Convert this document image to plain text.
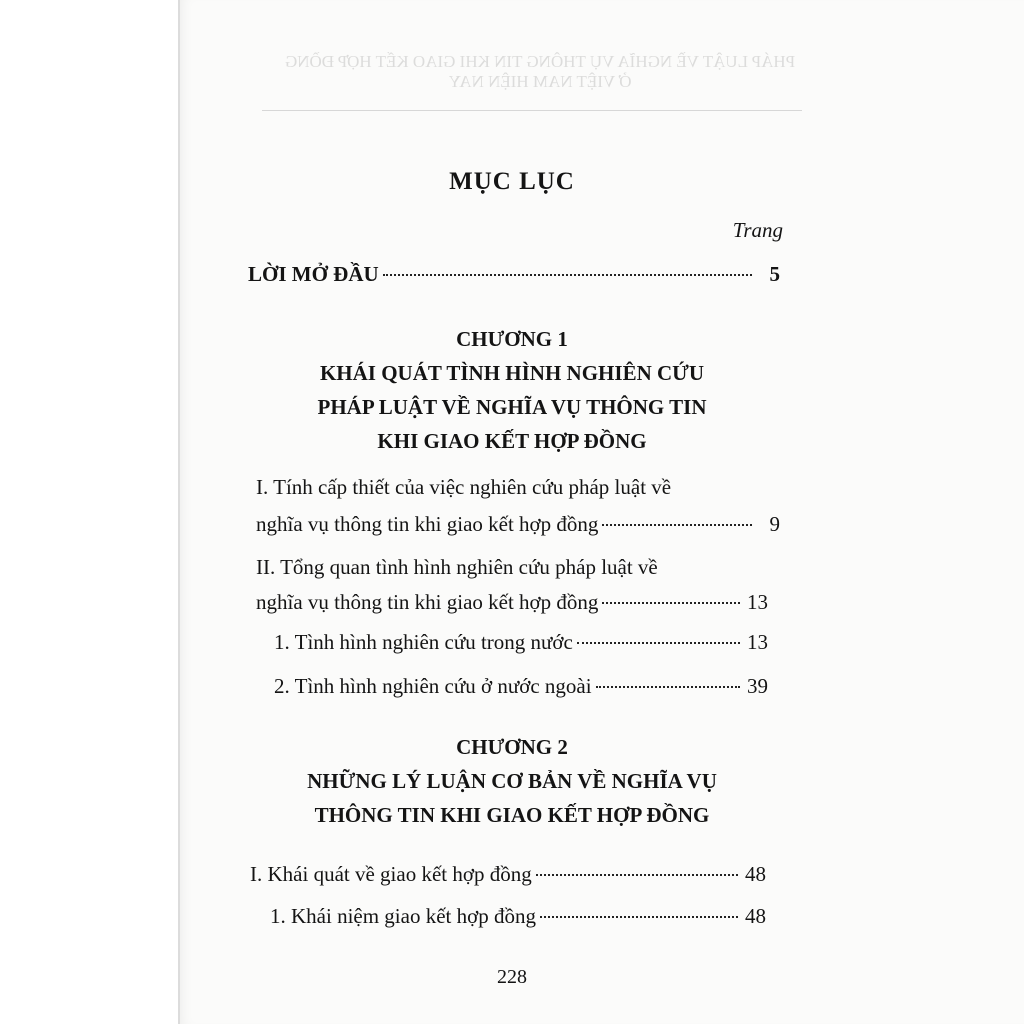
PHÁP LUẬT VỀ NGHĨA VỤ THÔNG TIN KHI GIAO KẾT HỢP ĐỒNG
Ở VIỆT NAM HIỆN NAY
MỤC LỤC
Trang
LỜI MỞ ĐẦU	5
CHƯƠNG 1
KHÁI QUÁT TÌNH HÌNH NGHIÊN CỨU
PHÁP LUẬT VỀ NGHĨA VỤ THÔNG TIN
KHI GIAO KẾT HỢP ĐỒNG
I. Tính cấp thiết của việc nghiên cứu pháp luật về
nghĩa vụ thông tin khi giao kết hợp đồng	9
II. Tổng quan tình hình nghiên cứu pháp luật về
nghĩa vụ thông tin khi giao kết hợp đồng	13
1. Tình hình nghiên cứu trong nước	13
2. Tình hình nghiên cứu ở nước ngoài	39
CHƯƠNG 2
NHỮNG LÝ LUẬN CƠ BẢN VỀ NGHĨA VỤ
THÔNG TIN KHI GIAO KẾT HỢP ĐỒNG
I. Khái quát về giao kết hợp đồng	48
1. Khái niệm giao kết hợp đồng	48
228
